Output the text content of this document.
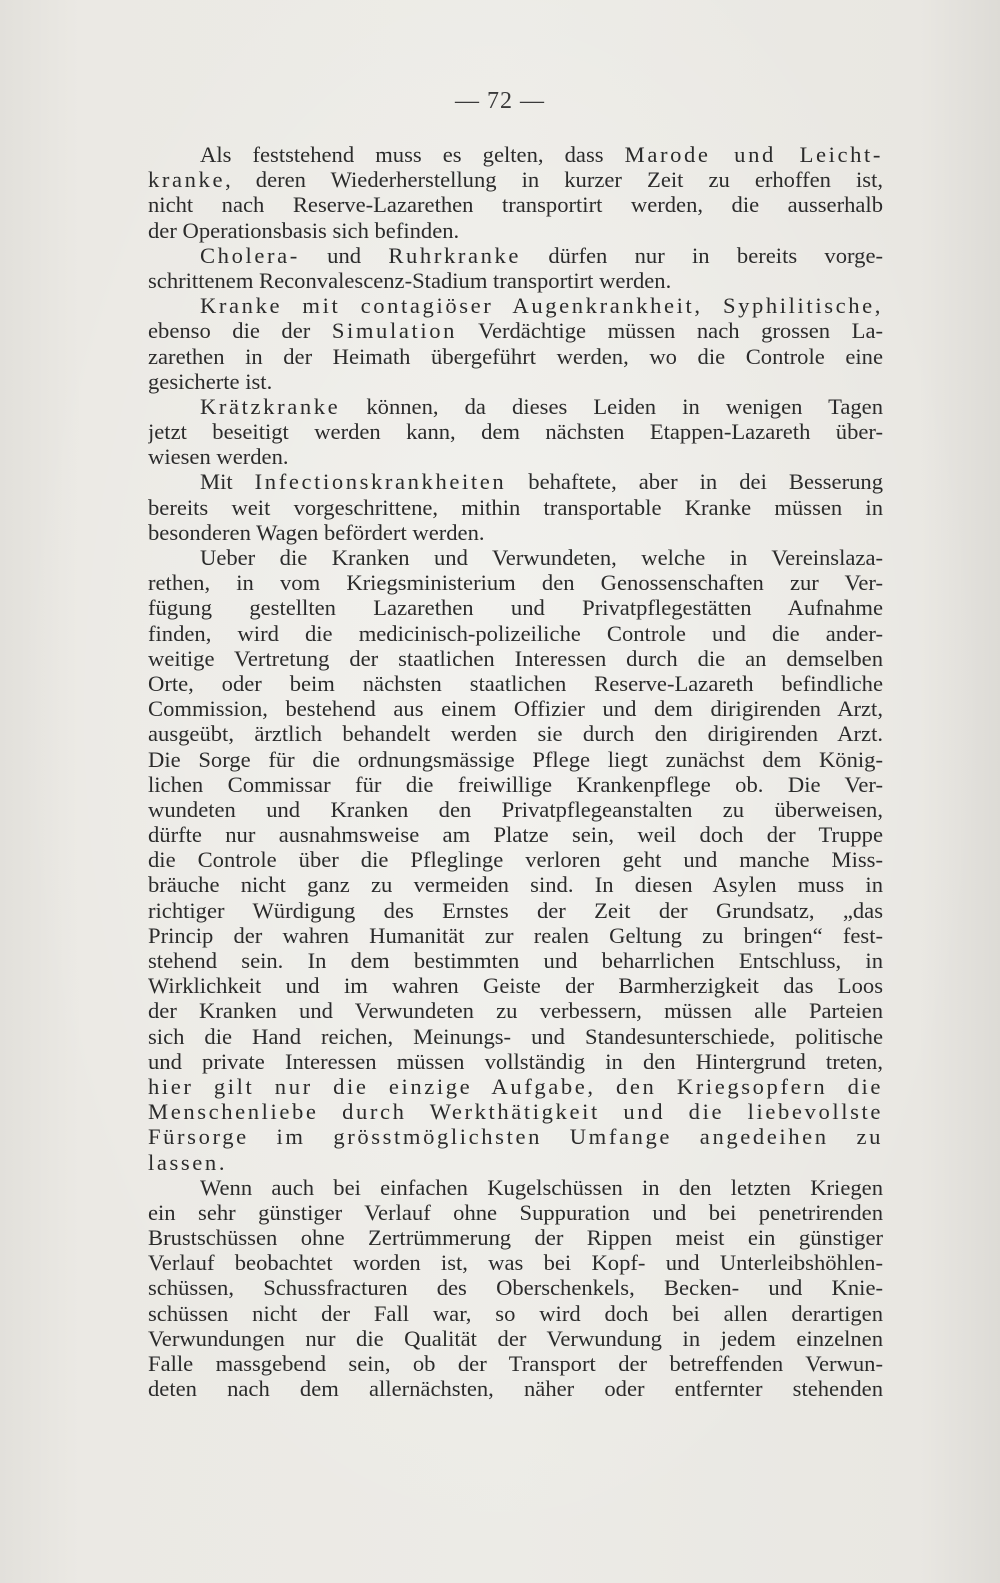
— 72 —
Als feststehend muss es gelten, dass Marode und Leicht-
kranke, deren Wiederherstellung in kurzer Zeit zu erhoffen ist,
nicht nach Reserve-Lazarethen transportirt werden, die ausserhalb
der Operationsbasis sich befinden.
Cholera- und Ruhrkranke dürfen nur in bereits vorge-
schrittenem Reconvalescenz-Stadium transportirt werden.
Kranke mit contagiöser Augenkrankheit, Syphilitische,
ebenso die der Simulation Verdächtige müssen nach grossen La-
zarethen in der Heimath übergeführt werden, wo die Controle eine
gesicherte ist.
Krätzkranke können, da dieses Leiden in wenigen Tagen
jetzt beseitigt werden kann, dem nächsten Etappen-Lazareth über-
wiesen werden.
Mit Infectionskrankheiten behaftete, aber in dei Besserung
bereits weit vorgeschrittene, mithin transportable Kranke müssen in
besonderen Wagen befördert werden.
Ueber die Kranken und Verwundeten, welche in Vereinslaza-
rethen, in vom Kriegsministerium den Genossenschaften zur Ver-
fügung gestellten Lazarethen und Privatpflegestätten Aufnahme
finden, wird die medicinisch-polizeiliche Controle und die ander-
weitige Vertretung der staatlichen Interessen durch die an demselben
Orte, oder beim nächsten staatlichen Reserve-Lazareth befindliche
Commission, bestehend aus einem Offizier und dem dirigirenden Arzt,
ausgeübt, ärztlich behandelt werden sie durch den dirigirenden Arzt.
Die Sorge für die ordnungsmässige Pflege liegt zunächst dem König-
lichen Commissar für die freiwillige Krankenpflege ob. Die Ver-
wundeten und Kranken den Privatpflegeanstalten zu überweisen,
dürfte nur ausnahmsweise am Platze sein, weil doch der Truppe
die Controle über die Pfleglinge verloren geht und manche Miss-
bräuche nicht ganz zu vermeiden sind. In diesen Asylen muss in
richtiger Würdigung des Ernstes der Zeit der Grundsatz, „das
Princip der wahren Humanität zur realen Geltung zu bringen“ fest-
stehend sein. In dem bestimmten und beharrlichen Entschluss, in
Wirklichkeit und im wahren Geiste der Barmherzigkeit das Loos
der Kranken und Verwundeten zu verbessern, müssen alle Parteien
sich die Hand reichen, Meinungs- und Standesunterschiede, politische
und private Interessen müssen vollständig in den Hintergrund treten,
hier gilt nur die einzige Aufgabe, den Kriegsopfern die
Menschenliebe durch Werkthätigkeit und die liebevollste
Fürsorge im grösstmöglichsten Umfange angedeihen zu
lassen.
Wenn auch bei einfachen Kugelschüssen in den letzten Kriegen
ein sehr günstiger Verlauf ohne Suppuration und bei penetrirenden
Brustschüssen ohne Zertrümmerung der Rippen meist ein günstiger
Verlauf beobachtet worden ist, was bei Kopf- und Unterleibshöhlen-
schüssen, Schussfracturen des Oberschenkels, Becken- und Knie-
schüssen nicht der Fall war, so wird doch bei allen derartigen
Verwundungen nur die Qualität der Verwundung in jedem einzelnen
Falle massgebend sein, ob der Transport der betreffenden Verwun-
deten nach dem allernächsten, näher oder entfernter stehenden
